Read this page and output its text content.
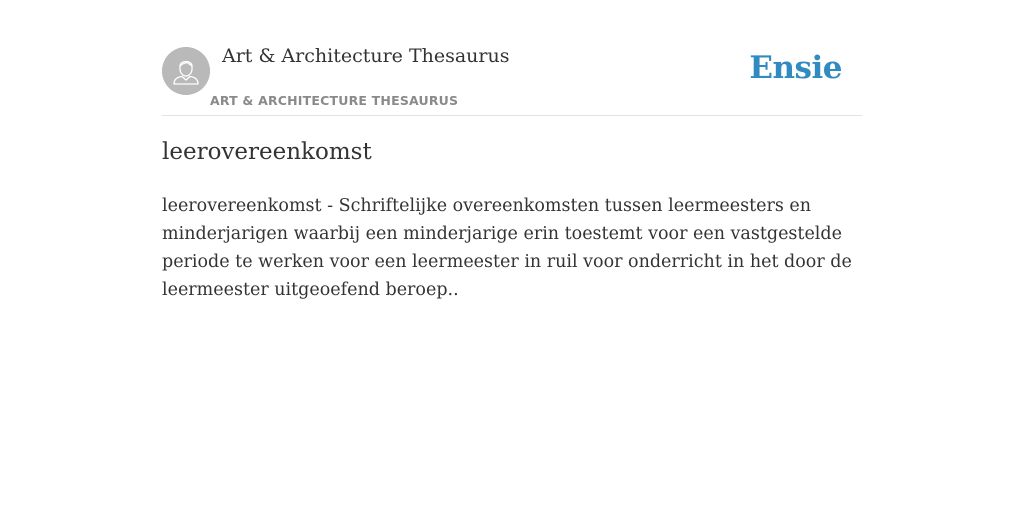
Art & Architecture Thesaurus
ART & ARCHITECTURE THESAURUS
Ensie
leerovereenkomst

leerovereenkomst - Schriftelijke overeenkomsten tussen leermeesters en minderjarigen waarbij een minderjarige erin toestemt voor een vastgestelde periode te werken voor een leermeester in ruil voor onderricht in het door de leermeester uitgeoefend beroep..
